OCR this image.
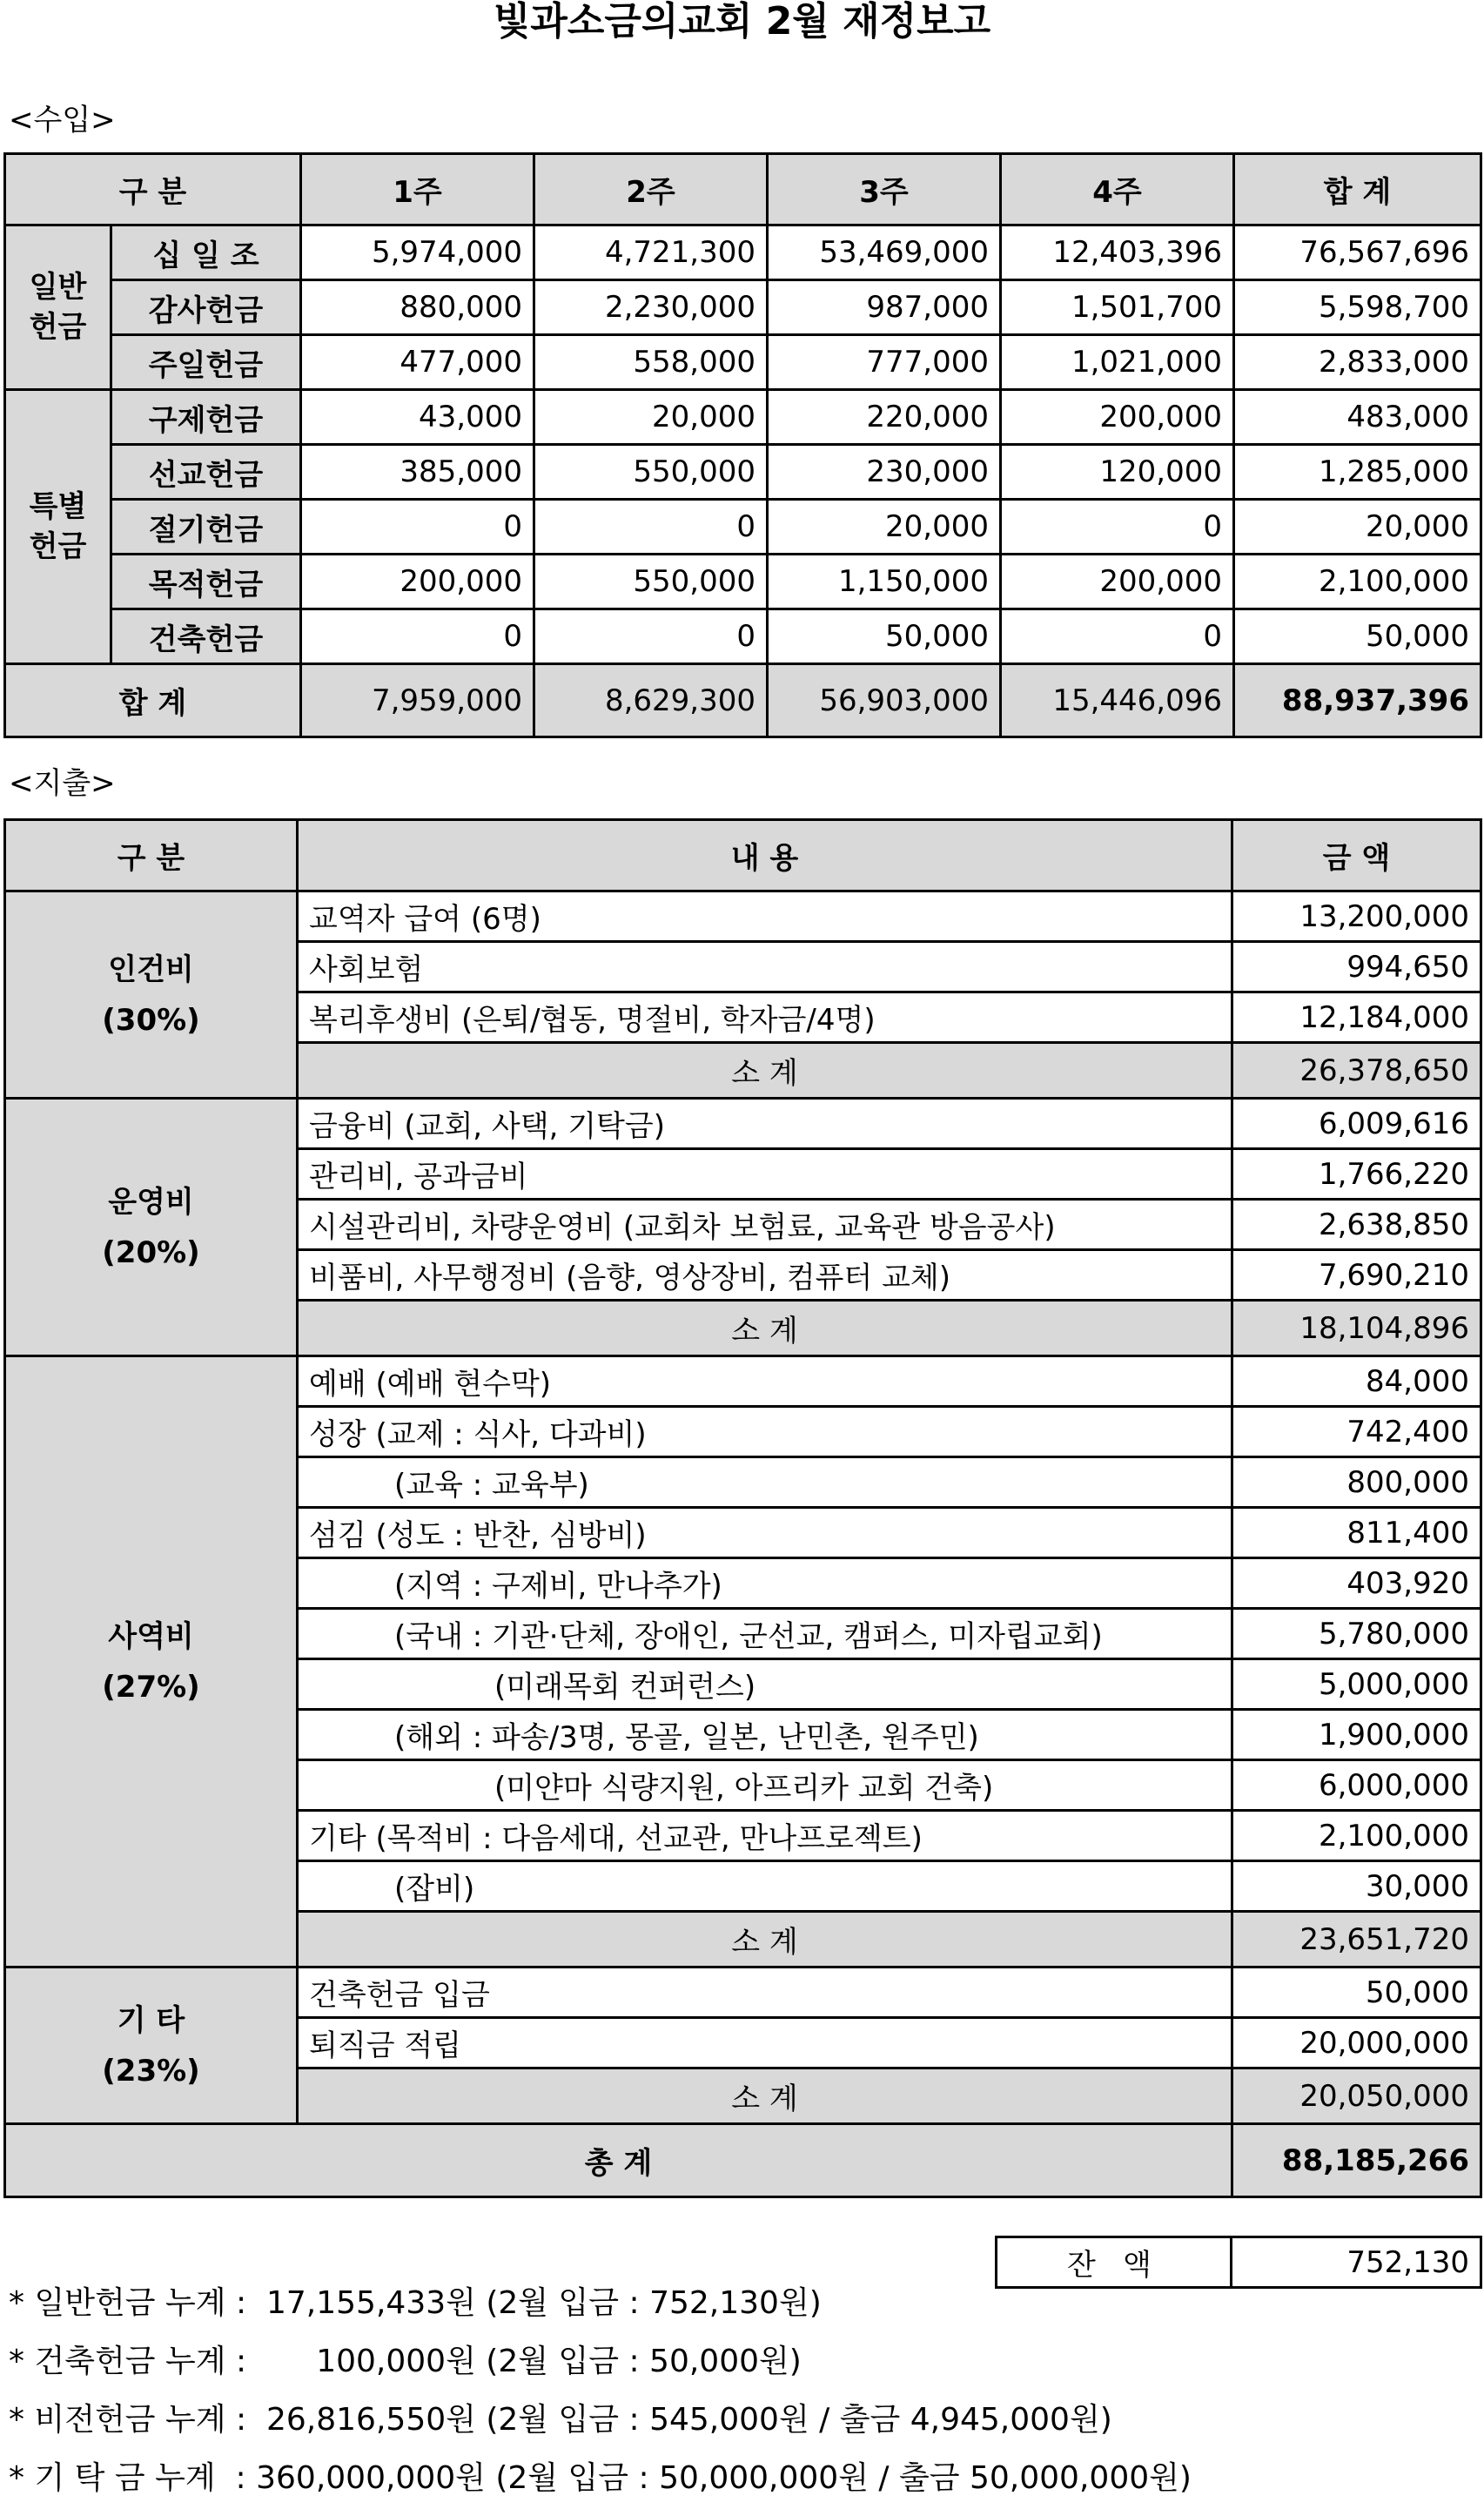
빛과소금의교회 2월 재정보고
<수입>
구 분		1주	2주	3주	4주	합 계
일반
헌금	십 일 조	5,974,000	4,721,300	53,469,000	12,403,396	76,567,696
	감사헌금	880,000	2,230,000	987,000	1,501,700	5,598,700
	주일헌금	477,000	558,000	777,000	1,021,000	2,833,000
특별
헌금	구제헌금	43,000	20,000	220,000	200,000	483,000
	선교헌금	385,000	550,000	230,000	120,000	1,285,000
	절기헌금	0	0	20,000	0	20,000
	목적헌금	200,000	550,000	1,150,000	200,000	2,100,000
	건축헌금	0	0	50,000	0	50,000
합 계		7,959,000	8,629,300	56,903,000	15,446,096	88,937,396
<지출>
구 분	내 용	금 액

인건비
(30%)	교역자 급여 (6명)	13,200,000
	사회보험	994,650
	복리후생비 (은퇴/협동, 명절비, 학자금/4명)	12,184,000
	소 계	26,378,650

운영비
(20%)	금융비 (교회, 사택, 기탁금)	6,009,616
	관리비, 공과금비	1,766,220
	시설관리비, 차량운영비 (교회차 보험료, 교육관 방음공사)	2,638,850
	비품비, 사무행정비 (음향, 영상장비, 컴퓨터 교체)	7,690,210
	소 계	18,104,896

사역비
(27%)	예배 (예배 현수막)	84,000
	성장 (교제 : 식사, 다과비)	742,400
	(교육 : 교육부)	800,000
	섬김 (성도 : 반찬, 심방비)	811,400
	(지역 : 구제비, 만나추가)	403,920
	(국내 : 기관·단체, 장애인, 군선교, 캠퍼스, 미자립교회)	5,780,000
	(미래목회 컨퍼런스)	5,000,000
	(해외 : 파송/3명, 몽골, 일본, 난민촌, 원주민)	1,900,000
	(미얀마 식량지원, 아프리카 교회 건축)	6,000,000
	기타 (목적비 : 다음세대, 선교관, 만나프로젝트)	2,100,000
	(잡비)	30,000
	소 계	23,651,720

기 타
(23%)	건축헌금 입금	50,000
	퇴직금 적립	20,000,000
	소 계	20,050,000
총 계		88,185,266
잔 액	752,130
* 일반헌금 누계 :  17,155,433원 (2월 입금 : 752,130원)
* 건축헌금 누계 :       100,000원 (2월 입금 : 50,000원)
* 비전헌금 누계 :  26,816,550원 (2월 입금 : 545,000원 / 출금 4,945,000원)
* 기 탁 금 누계  : 360,000,000원 (2월 입금 : 50,000,000원 / 출금 50,000,000원)
